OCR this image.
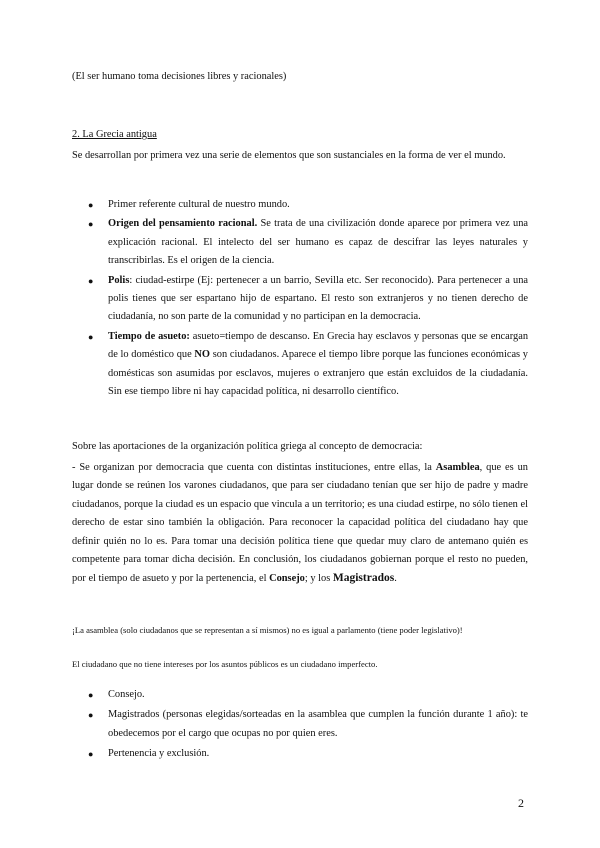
(El ser humano toma decisiones libres y racionales)
2. La Grecia antigua
Se desarrollan por primera vez una serie de elementos que son sustanciales en la forma de ver el mundo.
● Primer referente cultural de nuestro mundo.
● Origen del pensamiento racional. Se trata de una civilización donde aparece por primera vez una explicación racional. El intelecto del ser humano es capaz de descifrar las leyes naturales y transcribirlas. Es el origen de la ciencia.
● Polis: ciudad-estirpe (Ej: pertenecer a un barrio, Sevilla etc. Ser reconocido). Para pertenecer a una polis tienes que ser espartano hijo de espartano. El resto son extranjeros y no tienen derecho de ciudadanía, no son parte de la comunidad y no participan en la democracia.
● Tiempo de asueto: asueto=tiempo de descanso. En Grecia hay esclavos y personas que se encargan de lo doméstico que NO son ciudadanos. Aparece el tiempo libre porque las funciones económicas y domésticas son asumidas por esclavos, mujeres o extranjero que están excluidos de la ciudadanía. Sin ese tiempo libre ni hay capacidad política, ni desarrollo científico.
Sobre las aportaciones de la organización política griega al concepto de democracia:
- Se organizan por democracia que cuenta con distintas instituciones, entre ellas, la Asamblea, que es un lugar donde se reúnen los varones ciudadanos, que para ser ciudadano tenían que ser hijo de padre y madre ciudadanos, porque la ciudad es un espacio que vincula a un territorio; es una ciudad estirpe, no sólo tienen el derecho de estar sino también la obligación. Para reconocer la capacidad política del ciudadano hay que definir quién no lo es. Para tomar una decisión política tiene que quedar muy claro de antemano quién es competente para tomar dicha decisión. En conclusión, los ciudadanos gobiernan porque el resto no pueden, por el tiempo de asueto y por la pertenencia, el Consejo; y los Magistrados.
¡La asamblea (solo ciudadanos que se representan a sí mismos) no es igual a parlamento (tiene poder legislativo)!
El ciudadano que no tiene intereses por los asuntos públicos es un ciudadano imperfecto.
● Consejo.
● Magistrados (personas elegidas/sorteadas en la asamblea que cumplen la función durante 1 año): te obedecemos por el cargo que ocupas no por quien eres.
● Pertenencia y exclusión.
2
